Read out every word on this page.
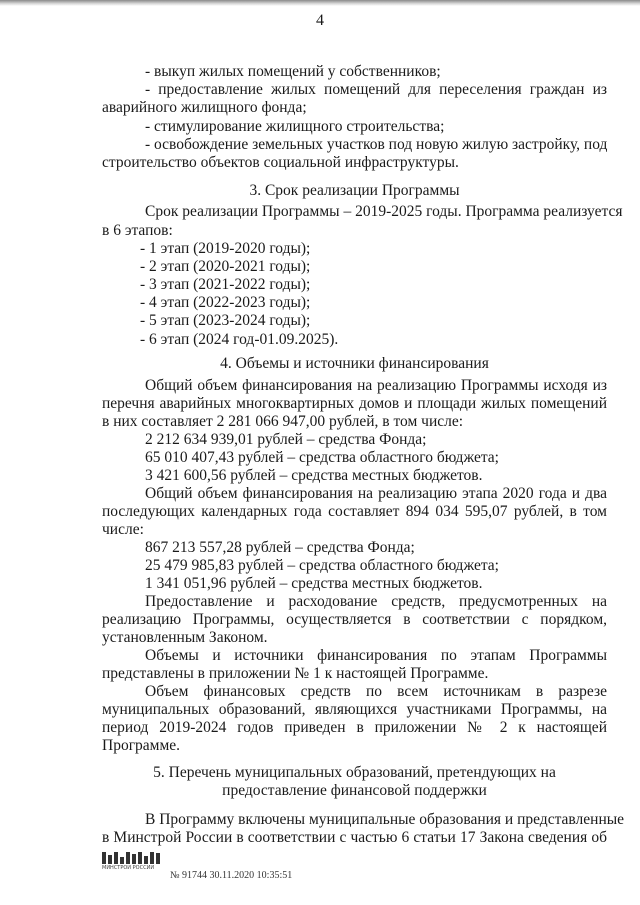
4
- выкуп жилых помещений у собственников;
- предоставление жилых помещений для переселения граждан из
аварийного жилищного фонда;
- стимулирование жилищного строительства;
- освобождение земельных участков под новую жилую застройку, под
строительство объектов социальной инфраструктуры.
3. Срок реализации Программы
Срок реализации Программы – 2019-2025 годы. Программа реализуется
в 6 этапов:
- 1 этап (2019-2020 годы);
- 2 этап (2020-2021 годы);
- 3 этап (2021-2022 годы);
- 4 этап (2022-2023 годы);
- 5 этап (2023-2024 годы);
- 6 этап (2024 год-01.09.2025).
4. Объемы и источники финансирования
Общий объем финансирования на реализацию Программы исходя из
перечня аварийных многоквартирных домов и площади жилых помещений
в них составляет 2 281 066 947,00 рублей, в том числе:
2 212 634 939,01 рублей – средства Фонда;
65 010 407,43 рублей – средства областного бюджета;
3 421 600,56 рублей – средства местных бюджетов.
Общий объем финансирования на реализацию этапа 2020 года и два
последующих календарных года составляет 894 034 595,07 рублей, в том
числе:
867 213 557,28 рублей – средства Фонда;
25 479 985,83 рублей – средства областного бюджета;
1 341 051,96 рублей – средства местных бюджетов.
Предоставление и расходование средств, предусмотренных на
реализацию Программы, осуществляется в соответствии с порядком,
установленным Законом.
Объемы и источники финансирования по этапам Программы
представлены в приложении № 1 к настоящей Программе.
Объем финансовых средств по всем источникам в разрезе
муниципальных образований, являющихся участниками Программы, на
период 2019-2024 годов приведен в приложении № 2 к настоящей
Программе.
5. Перечень муниципальных образований, претендующих на
предоставление финансовой поддержки
В Программу включены муниципальные образования и представленные
в Минстрой России в соответствии с частью 6 статьи 17 Закона сведения об
МИНСТРОЙ РОССИИ
№ 91744 30.11.2020 10:35:51
